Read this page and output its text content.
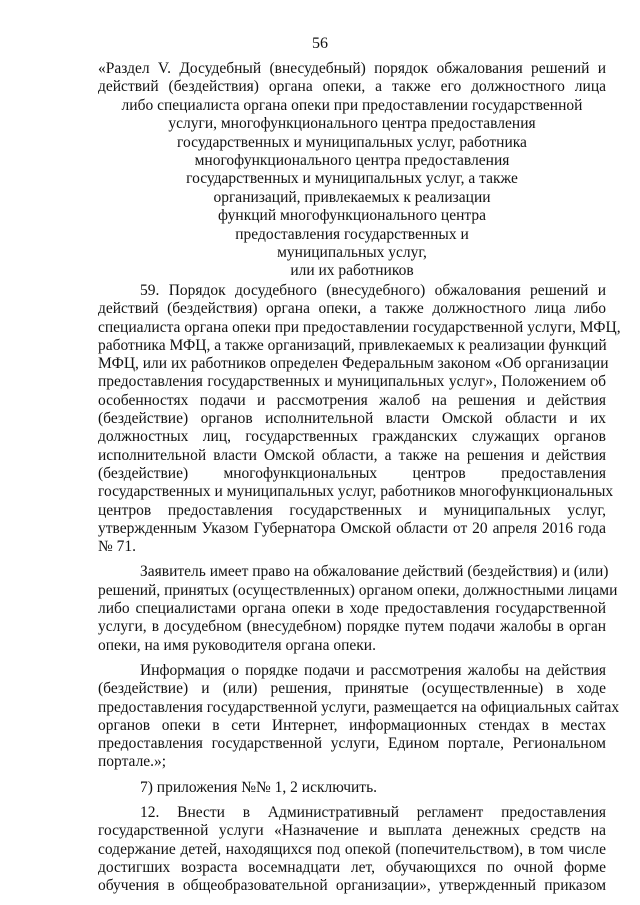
56
«Раздел V. Досудебный (внесудебный) порядок обжалования решений и
действий (бездействия) органа опеки, а также его должностного лица
либо специалиста органа опеки при предоставлении государственной
услуги, многофункционального центра предоставления
государственных и муниципальных услуг, работника
многофункционального центра предоставления
государственных и муниципальных услуг, а также
организаций, привлекаемых к реализации
функций многофункционального центра
предоставления государственных и
муниципальных услуг,
или их работников
59. Порядок досудебного (внесудебного) обжалования решений и
действий (бездействия) органа опеки, а также должностного лица либо
специалиста органа опеки при предоставлении государственной услуги, МФЦ,
работника МФЦ, а также организаций, привлекаемых к реализации функций
МФЦ, или их работников определен Федеральным законом «Об организации
предоставления государственных и муниципальных услуг», Положением об
особенностях подачи и рассмотрения жалоб на решения и действия
(бездействие) органов исполнительной власти Омской области и их
должностных лиц, государственных гражданских служащих органов
исполнительной власти Омской области, а также на решения и действия
(бездействие) многофункциональных центров предоставления
государственных и муниципальных услуг, работников многофункциональных
центров предоставления государственных и муниципальных услуг,
утвержденным Указом Губернатора Омской области от 20 апреля 2016 года
№ 71.
Заявитель имеет право на обжалование действий (бездействия) и (или)
решений, принятых (осуществленных) органом опеки, должностными лицами
либо специалистами органа опеки в ходе предоставления государственной
услуги, в досудебном (внесудебном) порядке путем подачи жалобы в орган
опеки, на имя руководителя органа опеки.
Информация о порядке подачи и рассмотрения жалобы на действия
(бездействие) и (или) решения, принятые (осуществленные) в ходе
предоставления государственной услуги, размещается на официальных сайтах
органов опеки в сети Интернет, информационных стендах в местах
предоставления государственной услуги, Едином портале, Региональном
портале.»;
7) приложения №№ 1, 2 исключить.
12. Внести в Административный регламент предоставления
государственной услуги «Назначение и выплата денежных средств на
содержание детей, находящихся под опекой (попечительством), в том числе
достигших возраста восемнадцати лет, обучающихся по очной форме
обучения в общеобразовательной организации», утвержденный приказом
